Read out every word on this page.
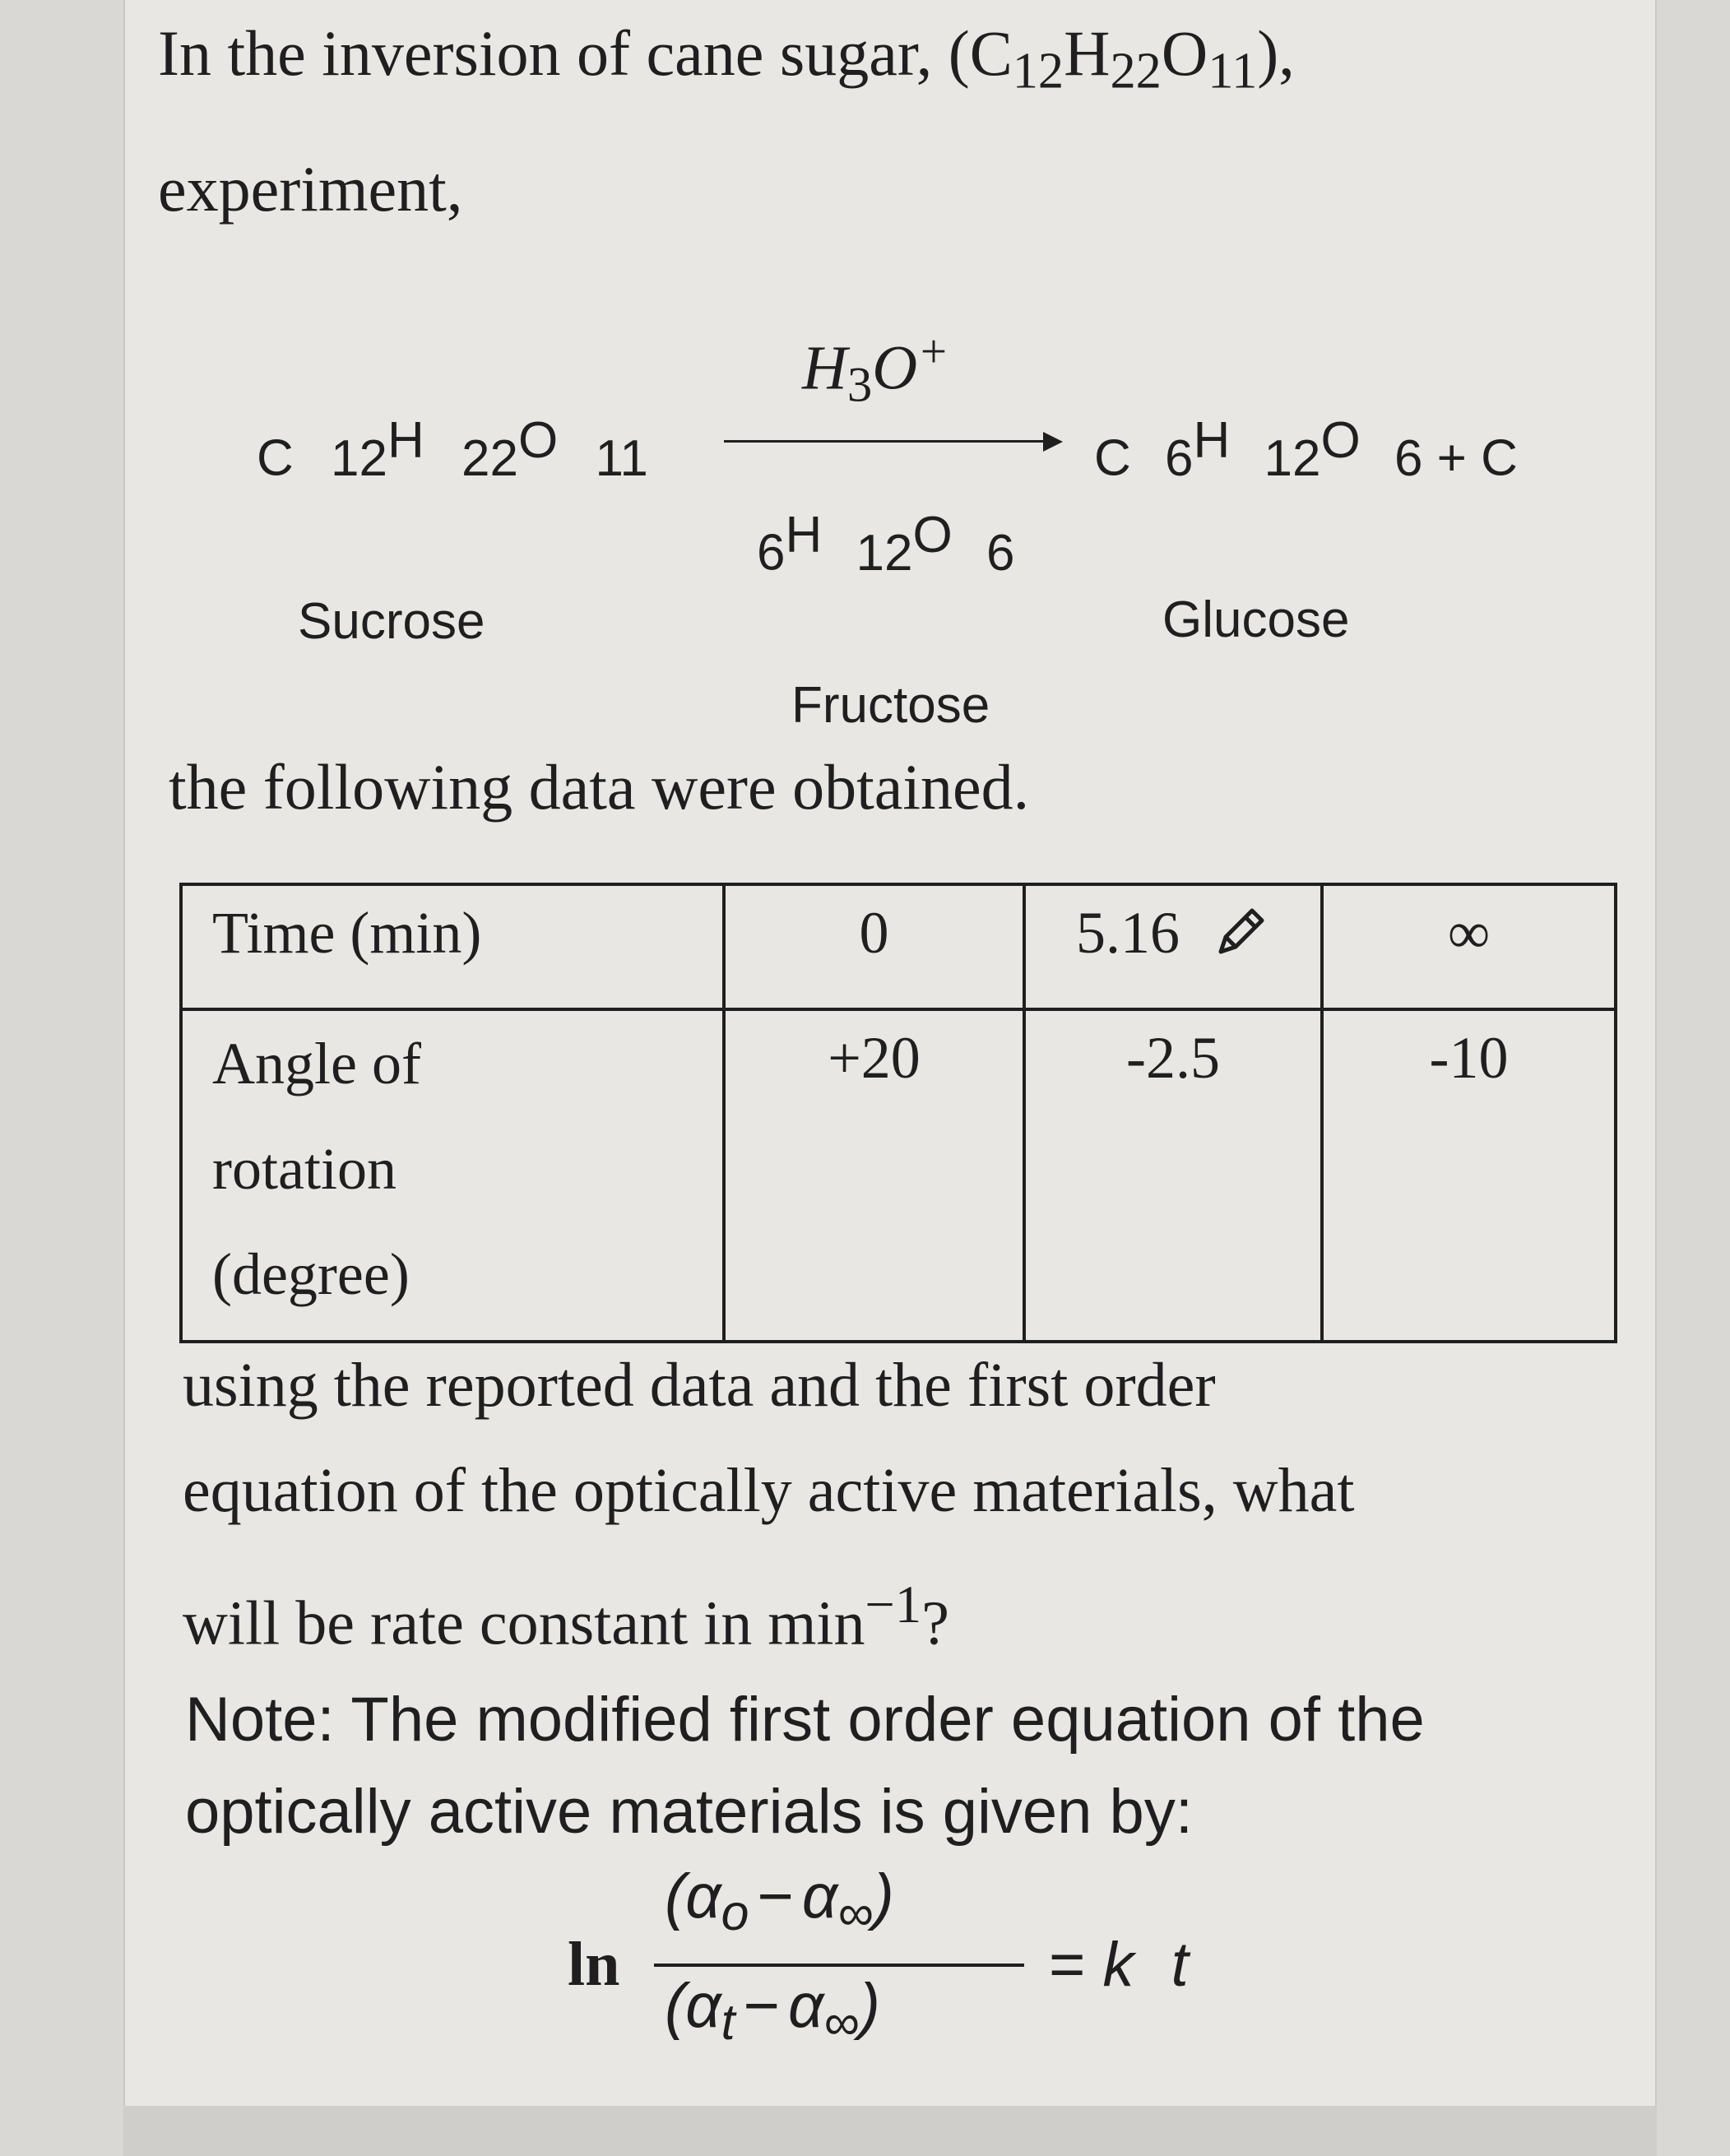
In the inversion of cane sugar, $(C_{12}H_{22}O_{11})$,
experiment,
$H_3O^+$
C $12^H$ $22^O$ 11	C $6^H$ $12^O$ 6 + C
$6^H$ $12^O$ 6
Sucrose	Glucose
Fructose
the following data were obtained.
Time (min)	0	5.16	∞

Angle of
rotation
(degree)	+20	-2.5	-10
using the reported data and the first order
equation of the optically active materials, what
will be rate constant in $\min^{-1}$?
Note: The modified first order equation of the
optically active materials is given by:
ln
$(\alpha_o - \alpha_\infty)$
$(\alpha_t - \alpha_\infty)$
= k t
